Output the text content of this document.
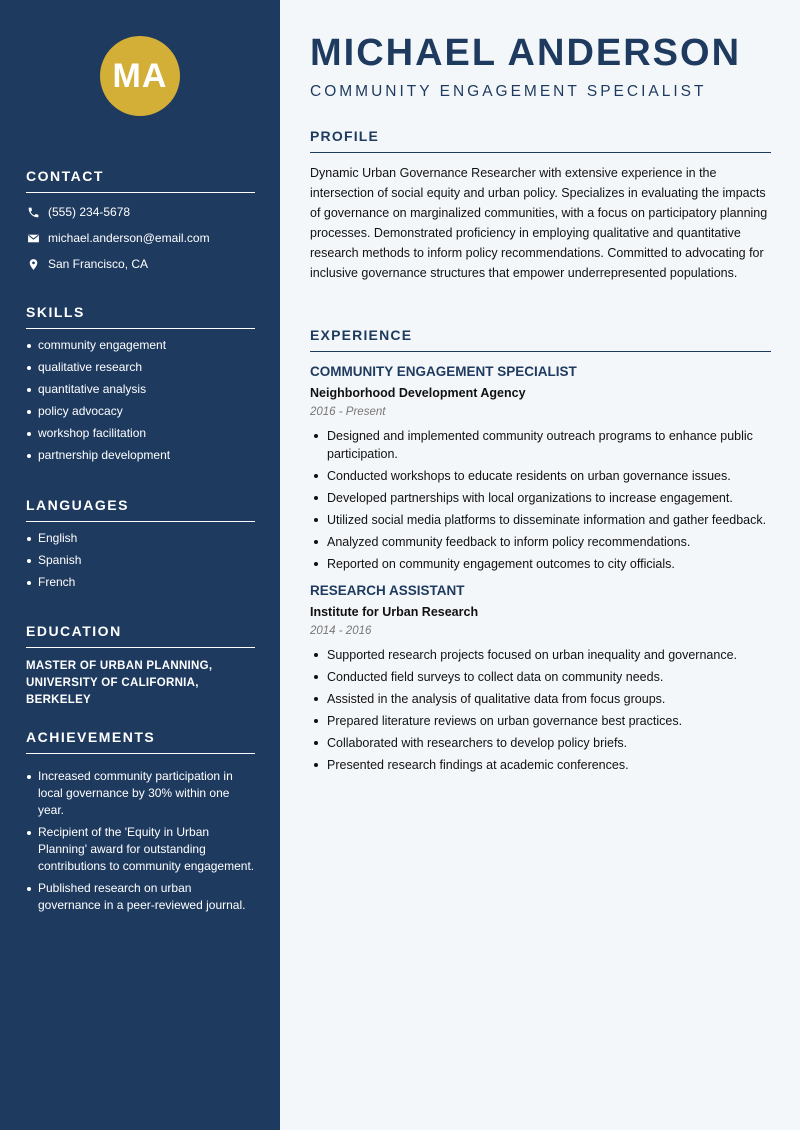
MA
CONTACT
(555) 234-5678
michael.anderson@email.com
San Francisco, CA
SKILLS
community engagement
qualitative research
quantitative analysis
policy advocacy
workshop facilitation
partnership development
LANGUAGES
English
Spanish
French
EDUCATION
MASTER OF URBAN PLANNING, UNIVERSITY OF CALIFORNIA, BERKELEY
ACHIEVEMENTS
Increased community participation in local governance by 30% within one year.
Recipient of the 'Equity in Urban Planning' award for outstanding contributions to community engagement.
Published research on urban governance in a peer-reviewed journal.
MICHAEL ANDERSON
COMMUNITY ENGAGEMENT SPECIALIST
PROFILE
Dynamic Urban Governance Researcher with extensive experience in the intersection of social equity and urban policy. Specializes in evaluating the impacts of governance on marginalized communities, with a focus on participatory planning processes. Demonstrated proficiency in employing qualitative and quantitative research methods to inform policy recommendations. Committed to advocating for inclusive governance structures that empower underrepresented populations.
EXPERIENCE
COMMUNITY ENGAGEMENT SPECIALIST
Neighborhood Development Agency
2016 - Present
Designed and implemented community outreach programs to enhance public participation.
Conducted workshops to educate residents on urban governance issues.
Developed partnerships with local organizations to increase engagement.
Utilized social media platforms to disseminate information and gather feedback.
Analyzed community feedback to inform policy recommendations.
Reported on community engagement outcomes to city officials.
RESEARCH ASSISTANT
Institute for Urban Research
2014 - 2016
Supported research projects focused on urban inequality and governance.
Conducted field surveys to collect data on community needs.
Assisted in the analysis of qualitative data from focus groups.
Prepared literature reviews on urban governance best practices.
Collaborated with researchers to develop policy briefs.
Presented research findings at academic conferences.
